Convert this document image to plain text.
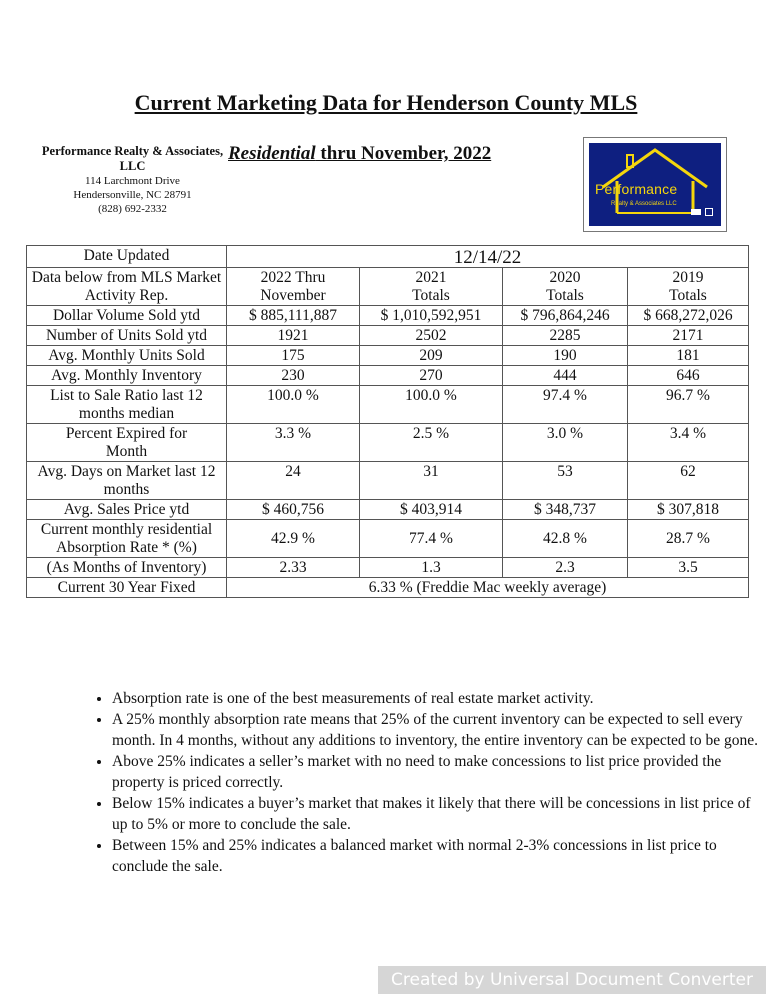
Current Marketing Data for Henderson County MLS
Performance Realty & Associates, LLC
114 Larchmont Drive
Hendersonville, NC 28791
(828) 692-2332
Residential thru November, 2022
Performance
Realty & Associates LLC
Date Updated	12/14/22			
Data below from MLS Market Activity Rep.	2022 Thru November	2021 Totals	2020 Totals	2019 Totals
Dollar Volume Sold ytd	$ 885,111,887	$ 1,010,592,951	$ 796,864,246	$ 668,272,026
Number of Units Sold ytd	1921	2502	2285	2171
Avg. Monthly Units Sold	175	209	190	181
Avg. Monthly Inventory	230	270	444	646
List to Sale Ratio last 12 months median	100.0 %	100.0 %	97.4 %	96.7 %
Percent Expired for Month	3.3 %	2.5 %	3.0 %	3.4 %
Avg. Days on Market last 12 months	24	31	53	62
Avg. Sales Price ytd	$ 460,756	$ 403,914	$ 348,737	$ 307,818
Current monthly residential Absorption Rate * (%)	42.9 %	77.4 %	42.8 %	28.7 %
(As Months of Inventory)	2.33	1.3	2.3	3.5
Current 30 Year Fixed	6.33 % (Freddie Mac weekly average)			
• Absorption rate is one of the best measurements of real estate market activity.
• A 25% monthly absorption rate means that 25% of the current inventory can be expected to sell every month. In 4 months, without any additions to inventory, the entire inventory can be expected to be gone.
• Above 25% indicates a seller’s market with no need to make concessions to list price provided the property is priced correctly.
• Below 15% indicates a buyer’s market that makes it likely that there will be concessions in list price of up to 5% or more to conclude the sale.
• Between 15% and 25% indicates a balanced market with normal 2-3% concessions in list price to conclude the sale.
Created by Universal Document Converter
